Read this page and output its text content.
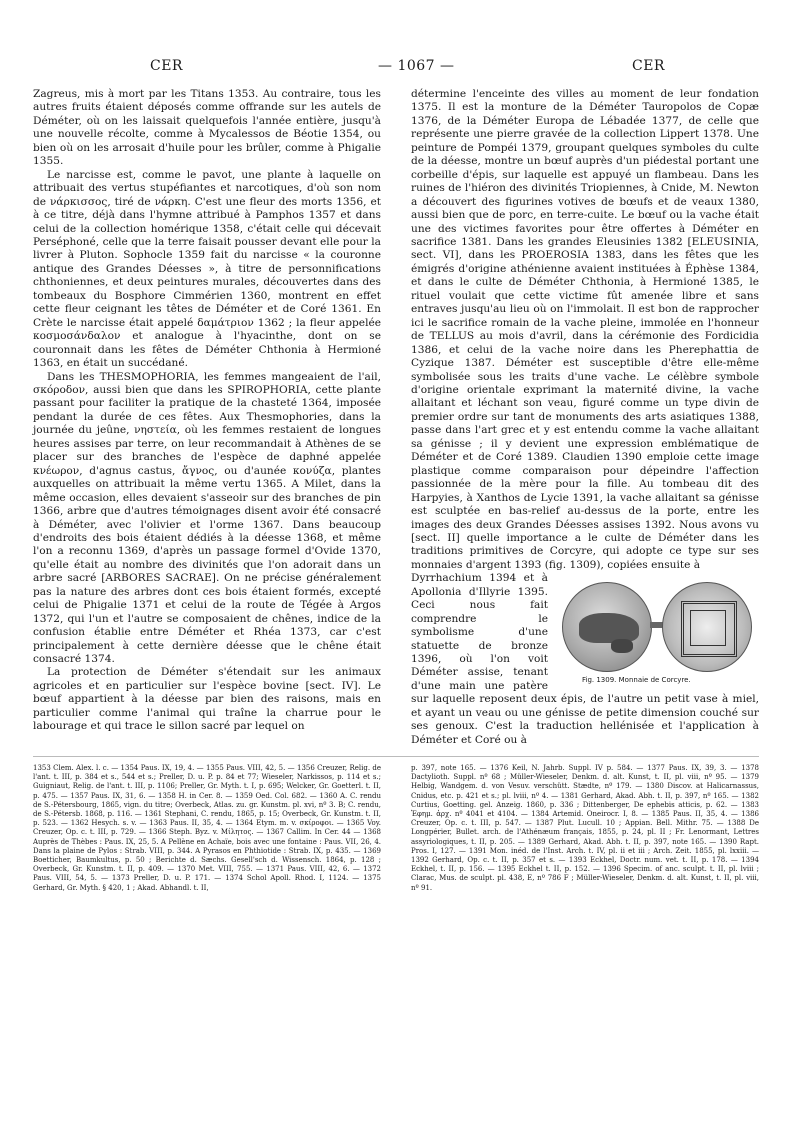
CER	— 1067 —	CER

Zagreus, mis à mort par les Titans 1353. Au contraire, tous les autres fruits étaient déposés comme offrande sur les autels de Déméter, où on les laissait quelquefois l'année entière, jusqu'à une nouvelle récolte, comme à Mycalessos de Béotie 1354, ou bien où on les arrosait d'huile pour les brûler, comme à Phigalie 1355.

Le narcisse est, comme le pavot, une plante à laquelle on attribuait des vertus stupéfiantes et narcotiques, d'où son nom de νάρκισσος, tiré de νάρκη. C'est une fleur des morts 1356, et à ce titre, déjà dans l'hymne attribué à Pamphos 1357 et dans celui de la collection homérique 1358, c'était celle qui décevait Perséphoné, celle que la terre faisait pousser devant elle pour la livrer à Pluton. Sophocle 1359 fait du narcisse « la couronne antique des Grandes Déesses », à titre de personnifications chthoniennes, et deux peintures murales, découvertes dans des tombeaux du Bosphore Cimmérien 1360, montrent en effet cette fleur ceignant les têtes de Déméter et de Coré 1361. En Crète le narcisse était appelé δαμάτριον 1362 ; la fleur appelée κοσμοσάνδαλον et analogue à l'hyacinthe, dont on se couronnait dans les fêtes de Déméter Chthonia à Hermioné 1363, en était un succédané.

Dans les THESMOPHORIA, les femmes mangeaient de l'ail, σκόροδον, aussi bien que dans les SPIROPHORIA, cette plante passant pour faciliter la pratique de la chasteté 1364, imposée pendant la durée de ces fêtes. Aux Thesmophories, dans la journée du jeûne, νηστεία, où les femmes restaient de longues heures assises par terre, on leur recommandait à Athènes de se placer sur des branches de l'espèce de daphné appelée κνέωρον, d'agnus castus, ἄγνος, ou d'aunée κονύζα, plantes auxquelles on attribuait la même vertu 1365. A Milet, dans la même occasion, elles devaient s'asseoir sur des branches de pin 1366, arbre que d'autres témoignages disent avoir été consacré à Déméter, avec l'olivier et l'orme 1367. Dans beaucoup d'endroits des bois étaient dédiés à la déesse 1368, et même l'on a reconnu 1369, d'après un passage formel d'Ovide 1370, qu'elle était au nombre des divinités que l'on adorait dans un arbre sacré [ARBORES SACRAE]. On ne précise généralement pas la nature des arbres dont ces bois étaient formés, excepté celui de Phigalie 1371 et celui de la route de Tégée à Argos 1372, qui l'un et l'autre se composaient de chênes, indice de la confusion établie entre Déméter et Rhéa 1373, car c'est principalement à cette dernière déesse que le chêne était consacré 1374.

La protection de Déméter s'étendait sur les animaux agricoles et en particulier sur l'espèce bovine [sect. IV]. Le bœuf appartient à la déesse par bien des raisons, mais en particulier comme l'animal qui traîne la charrue pour le labourage et qui trace le sillon sacré par lequel on

détermine l'enceinte des villes au moment de leur fondation 1375. Il est la monture de la Déméter Tauropolos de Copæ 1376, de la Déméter Europa de Lébadée 1377, de celle que représente une pierre gravée de la collection Lippert 1378. Une peinture de Pompéi 1379, groupant quelques symboles du culte de la déesse, montre un bœuf auprès d'un piédestal portant une corbeille d'épis, sur laquelle est appuyé un flambeau. Dans les ruines de l'hiéron des divinités Triopiennes, à Cnide, M. Newton a découvert des figurines votives de bœufs et de veaux 1380, aussi bien que de porc, en terre-cuite. Le bœuf ou la vache était une des victimes favorites pour être offertes à Déméter en sacrifice 1381. Dans les grandes Eleusinies 1382 [ELEUSINIA, sect. VI], dans les PROEROSIA 1383, dans les fêtes que les émigrés d'origine athénienne avaient instituées à Éphèse 1384, et dans le culte de Déméter Chthonia, à Hermioné 1385, le rituel voulait que cette victime fût amenée libre et sans entraves jusqu'au lieu où on l'immolait. Il est bon de rapprocher ici le sacrifice romain de la vache pleine, immolée en l'honneur de TELLUS au mois d'avril, dans la cérémonie des Fordicidia 1386, et celui de la vache noire dans les Pherephattia de Cyzique 1387. Déméter est susceptible d'être elle-même symbolisée sous les traits d'une vache. Le célèbre symbole d'origine orientale exprimant la maternité divine, la vache allaitant et léchant son veau, figuré comme un type divin de premier ordre sur tant de monuments des arts asiatiques 1388, passe dans l'art grec et y est entendu comme la vache allaitant sa génisse ; il y devient une expression emblématique de Déméter et de Coré 1389. Claudien 1390 emploie cette image plastique comme comparaison pour dépeindre l'affection passionnée de la mère pour la fille. Au tombeau dit des Harpyies, à Xanthos de Lycie 1391, la vache allaitant sa génisse est sculptée en bas-relief au-dessus de la porte, entre les images des deux Grandes Déesses assises 1392. Nous avons vu [sect. II] quelle importance a le culte de Déméter dans les traditions primitives de Corcyre, qui adopte ce type sur ses monnaies d'argent 1393 (fig. 1309), copiées ensuite à

Fig. 1309. Monnaie de Corcyre.

Dyrrhachium 1394 et à Apollonia d'Illyrie 1395. Ceci nous fait comprendre le symbolisme d'une statuette de bronze 1396, où l'on voit Déméter assise, tenant d'une main une patère sur laquelle reposent deux épis, de l'autre un petit vase à miel, et ayant un veau ou une génisse de petite dimension couché sur ses genoux. C'est la traduction hellénisée et l'application à Déméter et Coré ou à

1353 Clem. Alex. l. c. — 1354 Paus. IX, 19, 4. — 1355 Paus. VIII, 42, 5. — 1356 Creuzer, Relig. de l'ant. t. III, p. 384 et s., 544 et s.; Preller, D. u. P. p. 84 et 77; Wieseler, Narkissos, p. 114 et s.; Guigniaut, Relig. de l'ant. t. III, p. 1106; Preller, Gr. Myth. t. I, p. 695; Welcker, Gr. Goetterl. t. II, p. 475. — 1357 Paus. IX, 31, 6. — 1358 H. in Cer. 8. — 1359 Oed. Col. 682. — 1360 A. C. rendu de S.-Pétersbourg, 1865, vign. du titre; Overbeck, Atlas. zu. gr. Kunstm. pl. xvi, nº 3. B; C. rendu, de S.-Pétersb. 1868, p. 116. — 1361 Stephani, C. rendu, 1865, p. 15; Overbeck, Gr. Kunstm. t. II, p. 523. — 1362 Hesych. s. v. — 1363 Paus. II, 35, 4. — 1364 Etym. m. v. σκίροφοι. — 1365 Voy. Creuzer, Op. c. t. III, p. 729. — 1366 Steph. Byz. v. Μίλητος. — 1367 Callim. In Cer. 44 — 1368 Auprès de Thèbes : Paus. IX, 25, 5. A Pellène en Achaïe, bois avec une fontaine : Paus. VII, 26, 4. Dans la plaine de Pylos : Strab. VIII, p. 344. A Pyrasos en Phthiotide : Strab. IX, p. 435. — 1369 Boetticher, Baumkultus, p. 50 ; Berichte d. Sæchs. Gesell'sch d. Wissensch. 1864, p. 128 ; Overbeck, Gr. Kunstm. t. II, p. 409. — 1370 Met. VIII, 755. — 1371 Paus. VIII, 42, 6. — 1372 Paus. VIII, 54, 5. — 1373 Preller, D. u. P. 171. — 1374 Schol Apoll. Rhod. I, 1124. — 1375 Gerhard, Gr. Myth. § 420, 1 ; Akad. Abhandl. t. II,
p. 397, note 165. — 1376 Keil, N. Jahrb. Suppl. IV p. 584. — 1377 Paus. IX, 39, 3. — 1378 Dactylioth. Suppl. nº 68 ; Müller-Wieseler, Denkm. d. alt. Kunst, t. II, pl. viii, nº 95. — 1379 Helbig, Wandgem. d. von Vesuv. verschütt. Stædte, nº 179. — 1380 Discov. at Halicarnassus, Cnidus, etc. p. 421 et s.; pl. lviii, nº 4. — 1381 Gerhard, Akad. Abh. t. II, p. 397, nº 165. — 1382 Curtius, Goetting. gel. Anzeig. 1860, p. 336 ; Dittenberger, De ephebis atticis, p. 62. — 1383 Ἐφημ. ἀρχ. nº 4041 et 4104. — 1384 Artemid. Oneirocr. I, 8. — 1385 Paus. II, 35, 4. — 1386 Creuzer, Op. c. t. III, p. 547. — 1387 Plut. Lucull. 10 ; Appian. Bell. Mithr. 75. — 1388 De Longpérier, Bullet. arch. de l'Athénæum français, 1855, p. 24, pl. II ; Fr. Lenormant, Lettres assyriologiques, t. II, p. 205. — 1389 Gerhard, Akad. Abh. t. II, p. 397, note 165. — 1390 Rapt. Pros. I, 127. — 1391 Mon. inéd. de l'Inst. Arch. t. IV, pl. ii et iii ; Arch. Zeit. 1855, pl. lxxiii. — 1392 Gerhard, Op. c. t. II, p. 357 et s. — 1393 Eckhel, Doctr. num. vet. t. II, p. 178. — 1394 Eckhel, t. II, p. 156. — 1395 Eckhel t. II, p. 152. — 1396 Specim. of anc. sculpt. t. II, pl. lviii ; Clarac, Mus. de sculpt. pl. 438, E, nº 786 F ; Müller-Wieseler, Denkm. d. alt. Kunst, t. II, pl. viii, nº 91.
